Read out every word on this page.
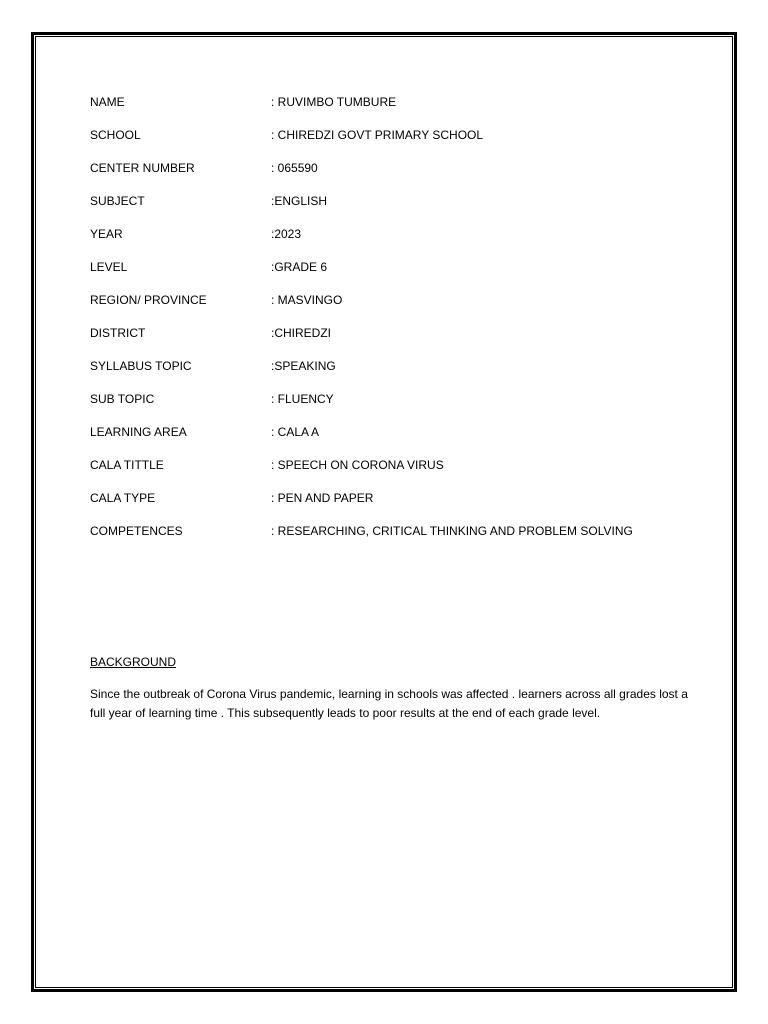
NAME	: RUVIMBO TUMBURE
SCHOOL	: CHIREDZI GOVT PRIMARY SCHOOL
CENTER NUMBER	: 065590
SUBJECT	:ENGLISH
YEAR	:2023
LEVEL	:GRADE 6
REGION/ PROVINCE	: MASVINGO
DISTRICT	:CHIREDZI
SYLLABUS TOPIC	:SPEAKING
SUB TOPIC	: FLUENCY
LEARNING AREA	: CALA A
CALA TITTLE	: SPEECH ON CORONA VIRUS
CALA TYPE	: PEN AND PAPER
COMPETENCES	: RESEARCHING, CRITICAL THINKING AND PROBLEM SOLVING
BACKGROUND
Since the outbreak of Corona Virus pandemic, learning in schools was affected . learners across all grades lost a full year of learning time . This subsequently leads to poor results at the end of each grade level.
